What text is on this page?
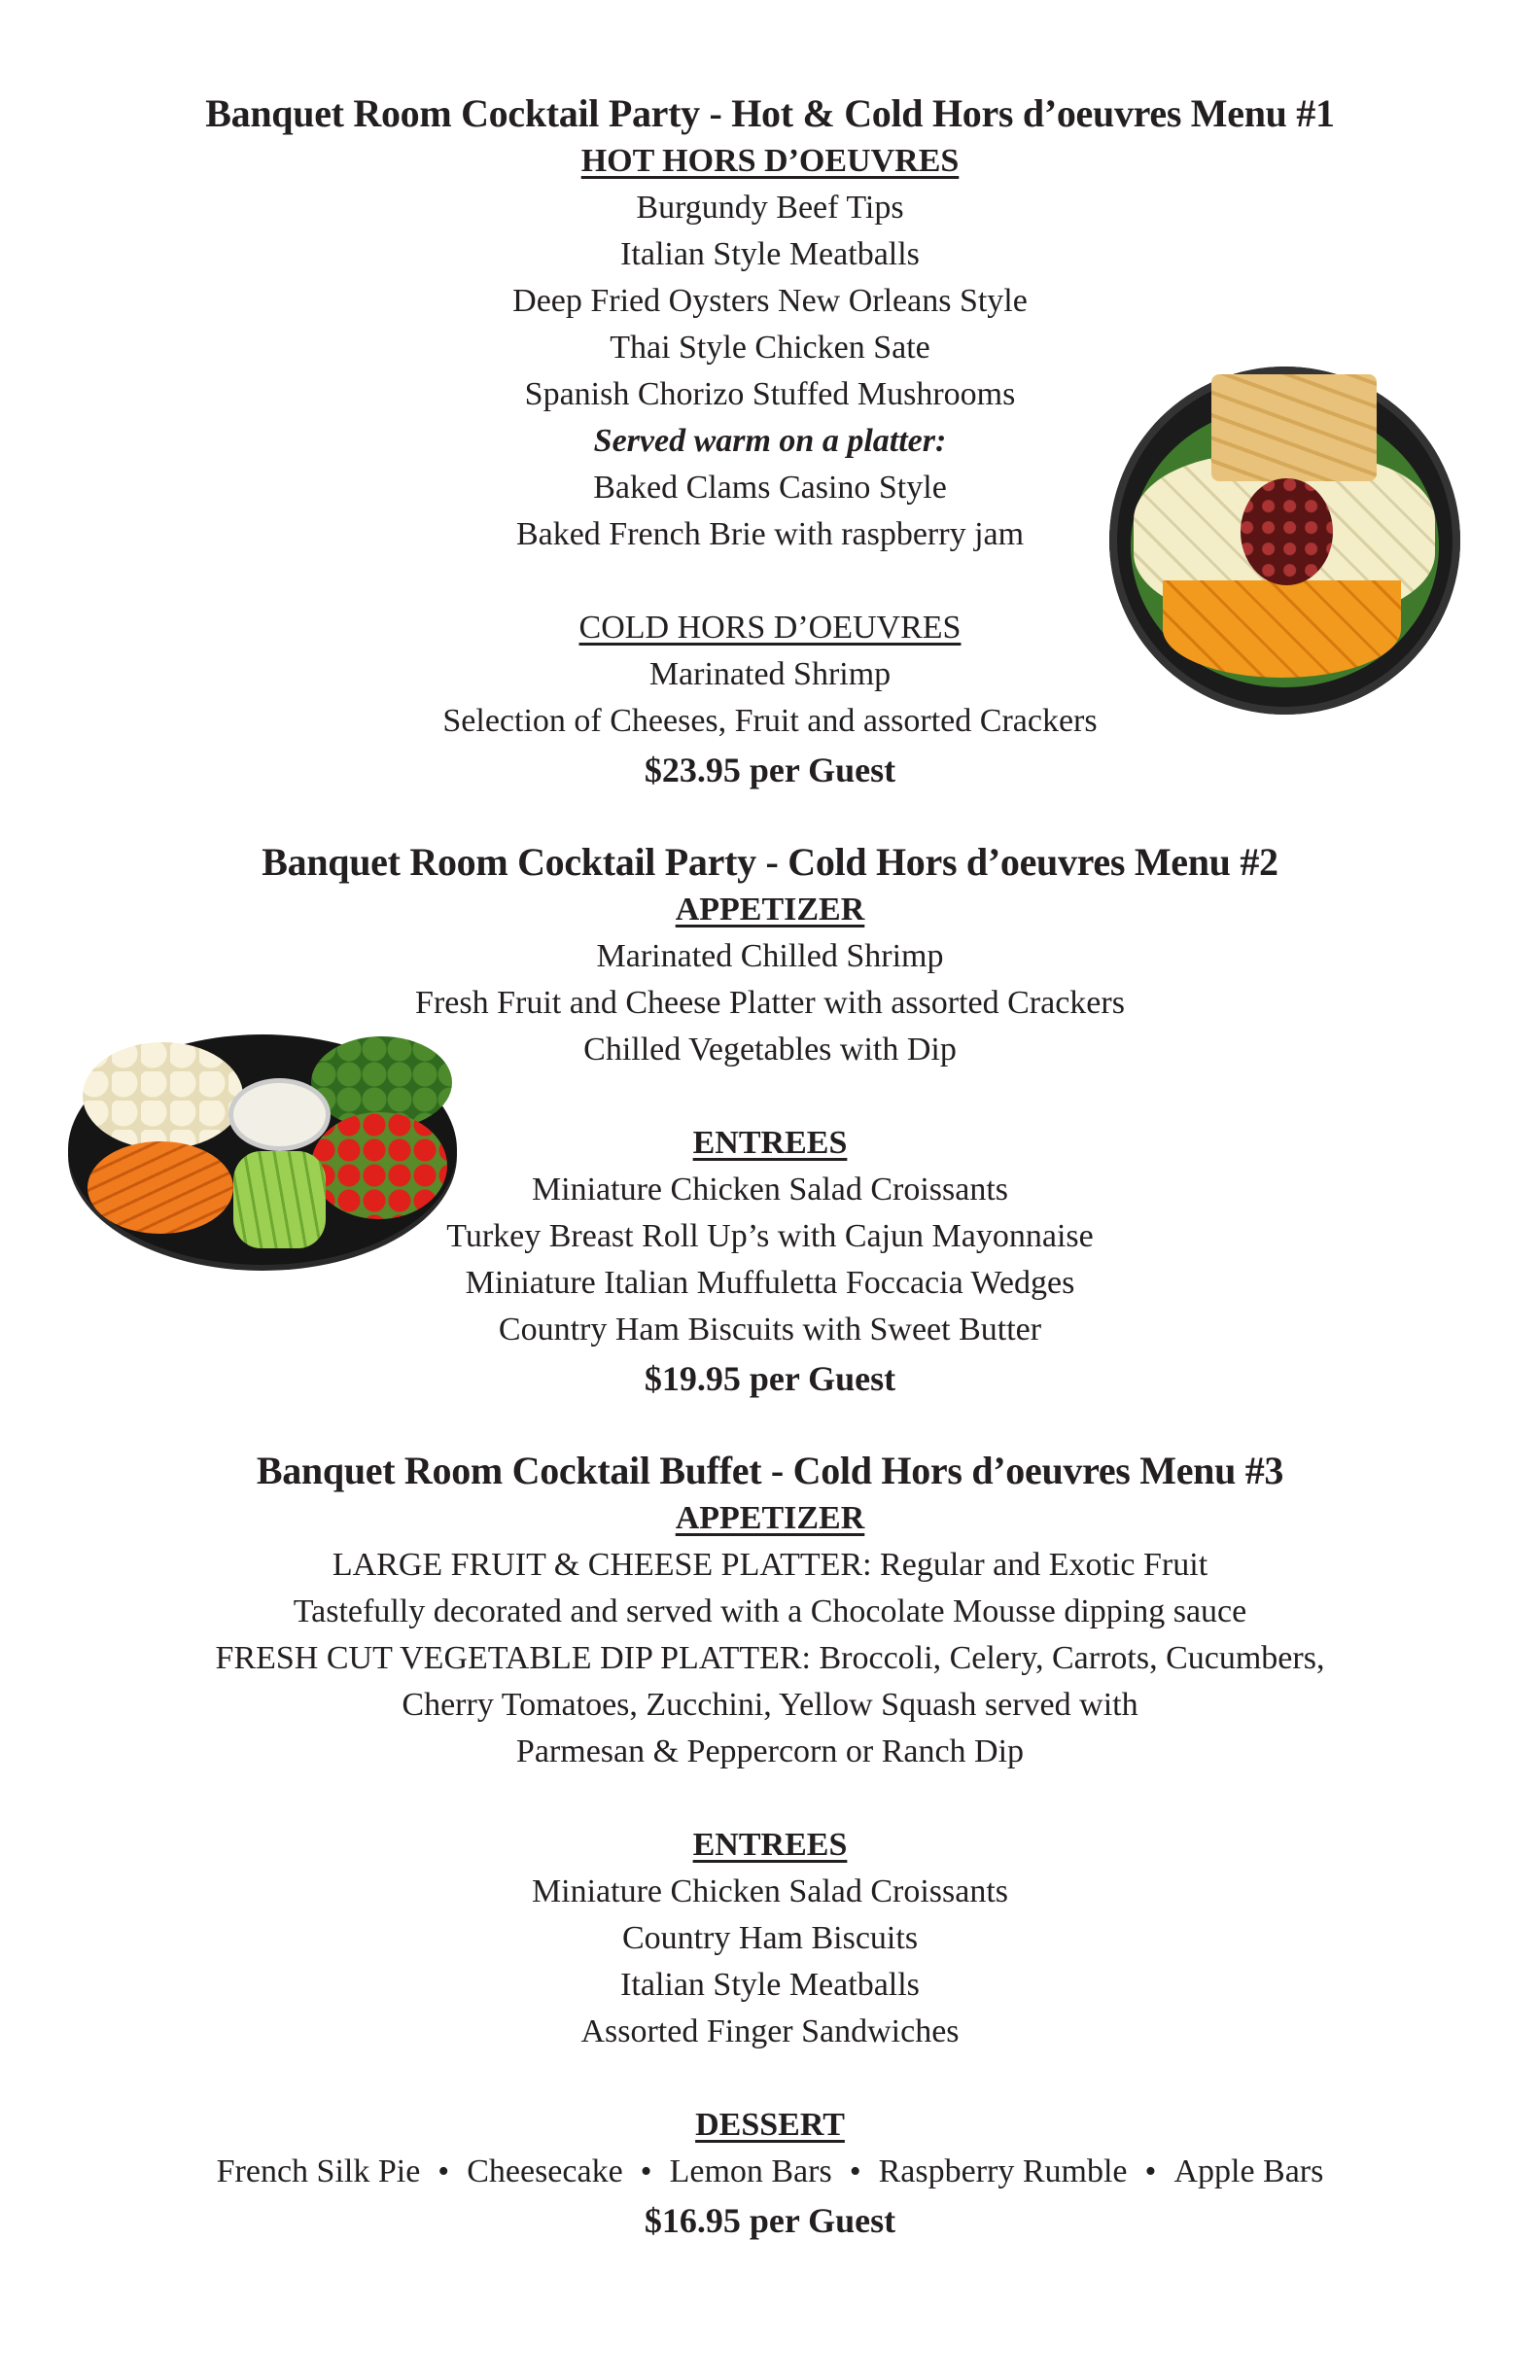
Banquet Room Cocktail Party - Hot & Cold Hors d’oeuvres Menu #1
HOT HORS D’OEUVRES
Burgundy Beef Tips
Italian Style Meatballs
Deep Fried Oysters New Orleans Style
Thai Style Chicken Sate
Spanish Chorizo Stuffed Mushrooms
Served warm on a platter:
Baked Clams Casino Style
Baked French Brie with raspberry jam
COLD HORS D’OEUVRES
Marinated Shrimp
Selection of Cheeses, Fruit and assorted Crackers
$23.95 per Guest
Banquet Room Cocktail Party - Cold Hors d’oeuvres Menu #2
APPETIZER
Marinated Chilled Shrimp
Fresh Fruit and Cheese Platter with assorted Crackers
Chilled Vegetables with Dip
ENTREES
Miniature Chicken Salad Croissants
Turkey Breast Roll Up’s with Cajun Mayonnaise
Miniature Italian Muffuletta Foccacia Wedges
Country Ham Biscuits with Sweet Butter
$19.95 per Guest
Banquet Room Cocktail Buffet - Cold Hors d’oeuvres Menu #3
APPETIZER
LARGE FRUIT & CHEESE PLATTER: Regular and Exotic Fruit
Tastefully decorated and served with a Chocolate Mousse dipping sauce
FRESH CUT VEGETABLE DIP PLATTER: Broccoli, Celery, Carrots, Cucumbers,
Cherry Tomatoes, Zucchini, Yellow Squash served with
Parmesan & Peppercorn or Ranch Dip
ENTREES
Miniature Chicken Salad Croissants
Country Ham Biscuits
Italian Style Meatballs
Assorted Finger Sandwiches
DESSERT
French Silk Pie • Cheesecake • Lemon Bars • Raspberry Rumble • Apple Bars
$16.95 per Guest
